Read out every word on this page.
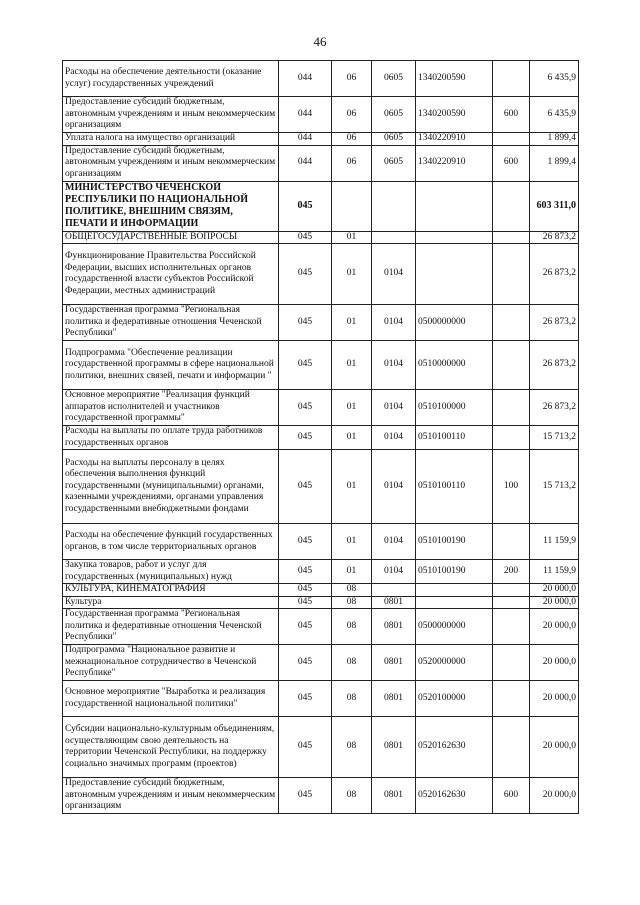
46
Расходы на обеспечение деятельности (оказание услуг) государственных учреждений	044	06	0605	1340200590		6 435,9
Предоставление субсидий бюджетным, автономным учреждениям и иным некоммерческим организациям	044	06	0605	1340200590	600	6 435,9
Уплата налога на имущество организаций	044	06	0605	1340220910		1 899,4
Предоставление субсидий бюджетным, автономным учреждениям и иным некоммерческим организациям	044	06	0605	1340220910	600	1 899,4
МИНИСТЕРСТВО ЧЕЧЕНСКОЙ РЕСПУБЛИКИ ПО НАЦИОНАЛЬНОЙ ПОЛИТИКЕ, ВНЕШНИМ СВЯЗЯМ, ПЕЧАТИ И ИНФОРМАЦИИ	045					603 311,0
ОБЩЕГОСУДАРСТВЕННЫЕ ВОПРОСЫ	045	01				26 873,2
Функционирование Правительства Российской Федерации, высших исполнительных органов государственной власти субъектов Российской Федерации, местных администраций	045	01	0104			26 873,2
Государственная программа "Региональная политика и федеративные отношения Чеченской Республики"	045	01	0104	0500000000		26 873,2
Подпрограмма "Обеспечение реализации государственной программы в сфере национальной политики, внешних связей, печати и информации "	045	01	0104	0510000000		26 873,2
Основное мероприятие "Реализация функций аппаратов исполнителей и участников государственной программы"	045	01	0104	0510100000		26 873,2
Расходы на выплаты по оплате труда работников государственных органов	045	01	0104	0510100110		15 713,2
Расходы на выплаты персоналу в целях обеспечения выполнения функций государственными (муниципальными) органами, казенными учреждениями, органами управления государственными внебюджетными фондами	045	01	0104	0510100110	100	15 713,2
Расходы на обеспечение функций государственных органов, в том числе территориальных органов	045	01	0104	0510100190		11 159,9
Закупка товаров, работ и услуг для государственных (муниципальных) нужд	045	01	0104	0510100190	200	11 159,9
КУЛЬТУРА, КИНЕМАТОГРАФИЯ	045	08				20 000,0
Культура	045	08	0801			20 000,0
Государственная программа "Региональная политика и федеративные отношения Чеченской Республики"	045	08	0801	0500000000		20 000,0
Подпрограмма "Национальное развитие и межнациональное сотрудничество в Чеченской Республике"	045	08	0801	0520000000		20 000,0
Основное мероприятие "Выработка и реализация государственной национальной политики"	045	08	0801	0520100000		20 000,0
Субсидии национально-культурным объединениям, осуществляющим свою деятельность на территории Чеченской Республики, на поддержку социально значимых программ (проектов)	045	08	0801	0520162630		20 000,0
Предоставление субсидий бюджетным, автономным учреждениям и иным некоммерческим организациям	045	08	0801	0520162630	600	20 000,0
